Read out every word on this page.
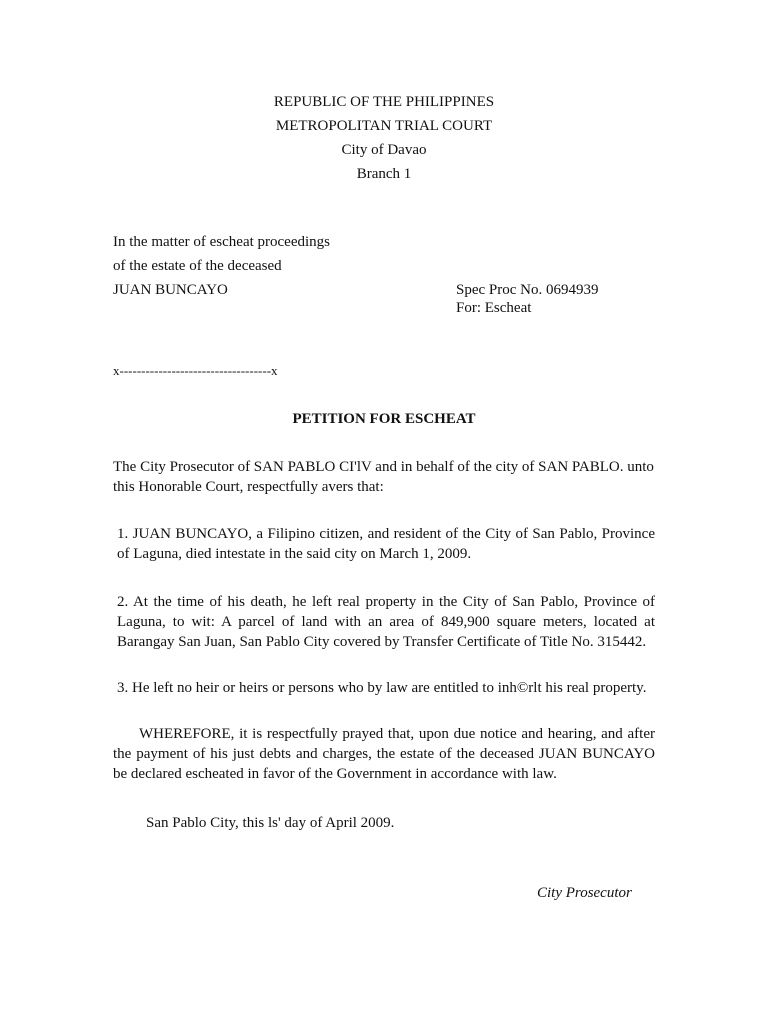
REPUBLIC OF THE PHILIPPINES
METROPOLITAN TRIAL COURT
City of Davao
Branch 1
In the matter of escheat proceedings
of the estate of the deceased
JUAN BUNCAYO	Spec Proc No. 0694939
For: Escheat
x-----------------------------------x
PETITION FOR ESCHEAT

The City Prosecutor of SAN PABLO CI'lV and in behalf of the city of SAN PABLO. unto this Honorable Court, respectfully avers that:

1. JUAN BUNCAYO, a Filipino citizen, and resident of the City of San Pablo, Province of Laguna, died intestate in the said city on March 1, 2009.

2. At the time of his death, he left real property in the City of San Pablo, Province of Laguna, to wit: A parcel of land with an area of 849,900 square meters, located at Barangay San Juan, San Pablo City covered by Transfer Certificate of Title No. 315442.

3. He left no heir or heirs or persons who by law are entitled to inh©rlt his real property.

WHEREFORE, it is respectfully prayed that, upon due notice and hearing, and after the payment of his just debts and charges, the estate of the deceased JUAN BUNCAYO be declared escheated in favor of the Government in accordance with law.

San Pablo City, this ls' day of April 2009.
City Prosecutor
